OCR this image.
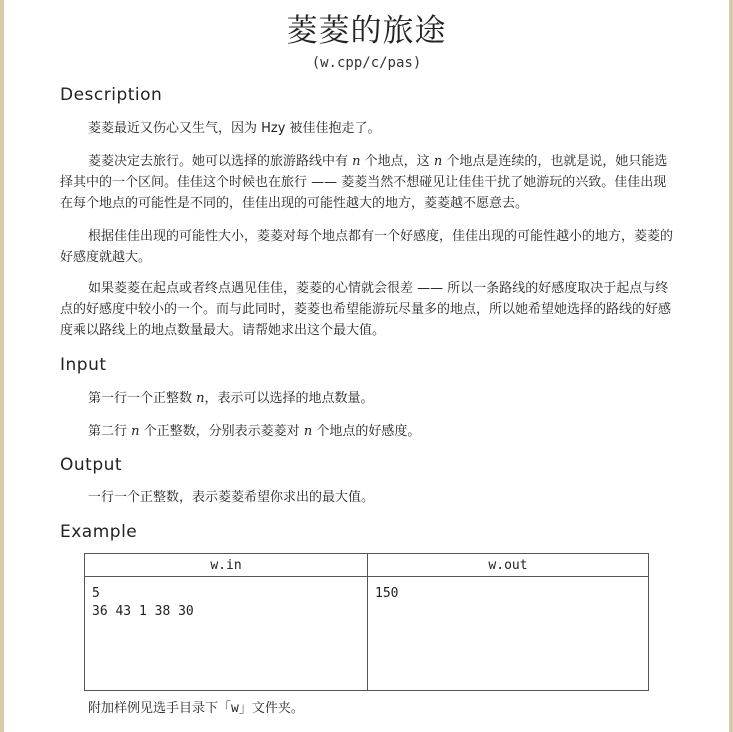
菱菱的旅途
(w.cpp/c/pas)
Description
菱菱最近又伤心又生气，因为 Hzy 被佳佳抱走了。
菱菱决定去旅行。她可以选择的旅游路线中有 n 个地点，这 n 个地点是连续的，也就是说，她只能选择其中的一个区间。佳佳这个时候也在旅行 —— 菱菱当然不想碰见让佳佳干扰了她游玩的兴致。佳佳出现在每个地点的可能性是不同的，佳佳出现的可能性越大的地方，菱菱越不愿意去。
根据佳佳出现的可能性大小，菱菱对每个地点都有一个好感度，佳佳出现的可能性越小的地方，菱菱的好感度就越大。
如果菱菱在起点或者终点遇见佳佳，菱菱的心情就会很差 —— 所以一条路线的好感度取决于起点与终点的好感度中较小的一个。而与此同时，菱菱也希望能游玩尽量多的地点，所以她希望她选择的路线的好感度乘以路线上的地点数量最大。请帮她求出这个最大值。
Input
第一行一个正整数 n，表示可以选择的地点数量。
第二行 n 个正整数，分别表示菱菱对 n 个地点的好感度。
Output
一行一个正整数，表示菱菱希望你求出的最大值。
Example
w.in	w.out
5
36 43 1 38 30
150
附加样例见选手目录下「w」文件夹。
